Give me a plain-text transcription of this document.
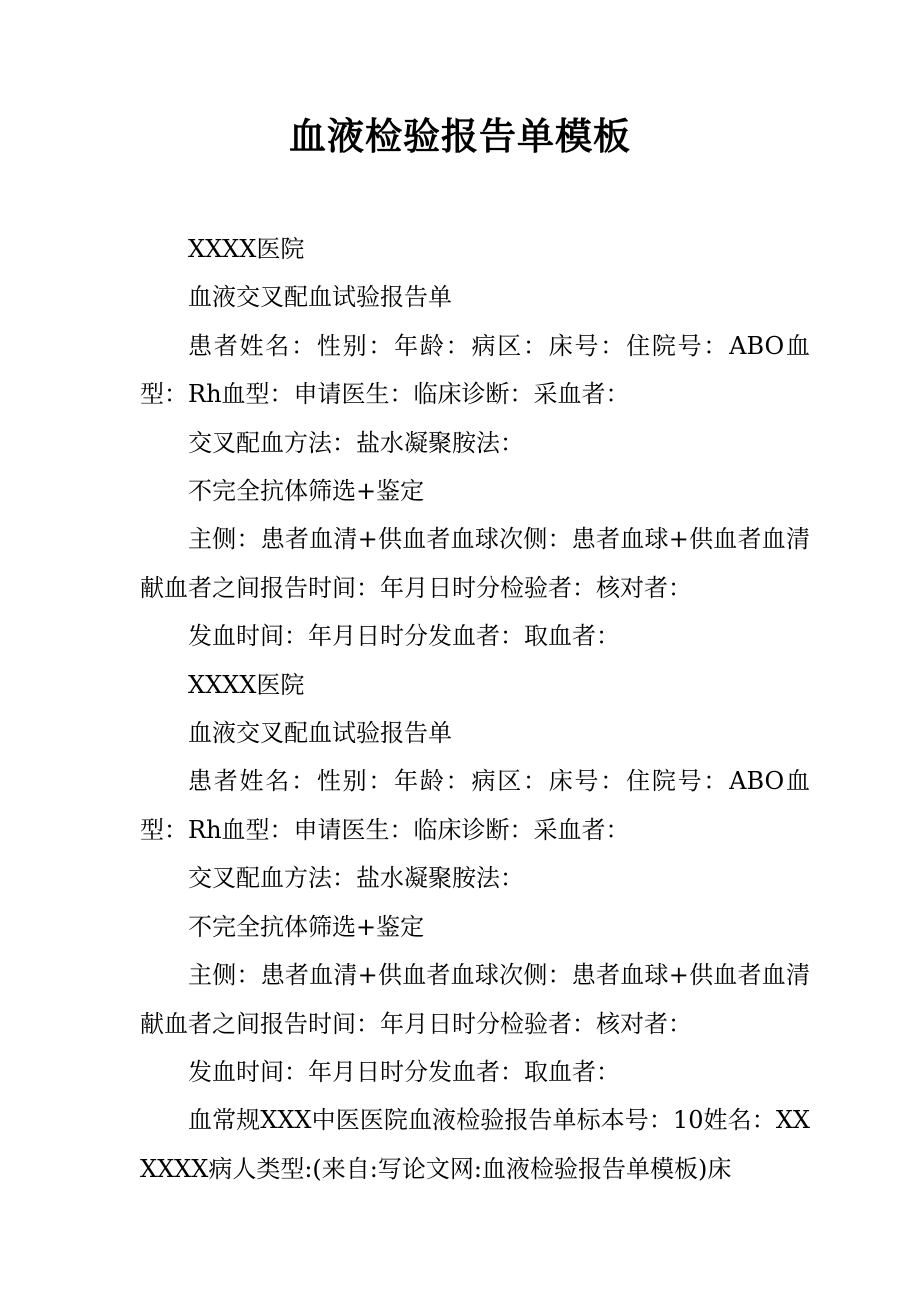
血液检验报告单模板

XXXX医院

血液交叉配血试验报告单

患者姓名：性别：年龄：病区：床号：住院号：ABO血型：Rh血型：申请医生：临床诊断：采血者：

交叉配血方法：盐水凝聚胺法：

不完全抗体筛选+鉴定

主侧：患者血清+供血者血球次侧：患者血球+供血者血清献血者之间报告时间：年月日时分检验者：核对者：

发血时间：年月日时分发血者：取血者：

XXXX医院

血液交叉配血试验报告单

患者姓名：性别：年龄：病区：床号：住院号：ABO血型：Rh血型：申请医生：临床诊断：采血者：

交叉配血方法：盐水凝聚胺法：

不完全抗体筛选+鉴定

主侧：患者血清+供血者血球次侧：患者血球+供血者血清献血者之间报告时间：年月日时分检验者：核对者：

发血时间：年月日时分发血者：取血者：

血常规XXX中医医院血液检验报告单标本号：10姓名：XXXXXX病人类型:(来自:写论文网:血液检验报告单模板)床
